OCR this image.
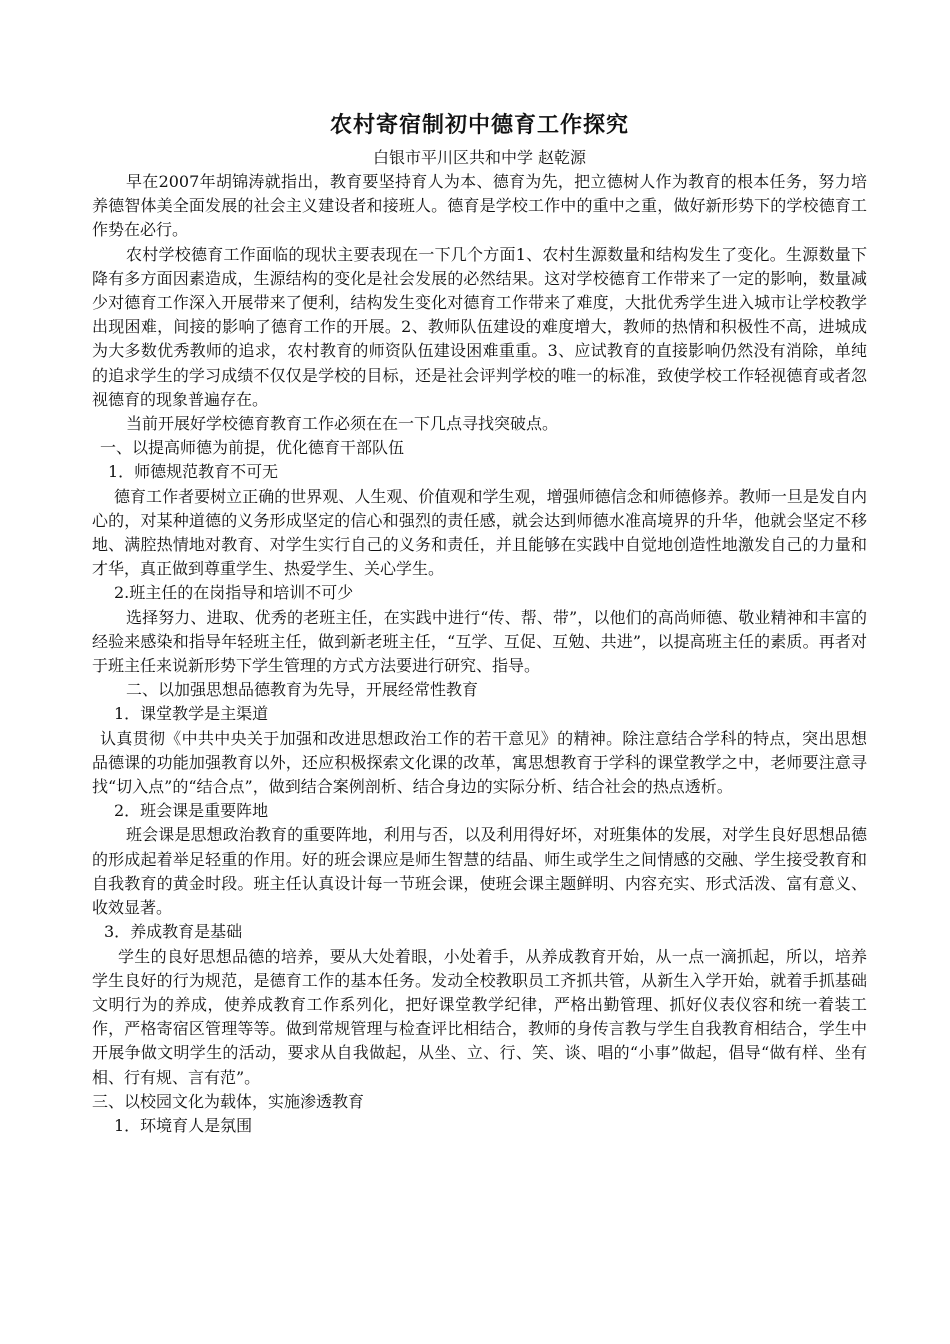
农村寄宿制初中德育工作探究

白银市平川区共和中学 赵乾源

早在2007年胡锦涛就指出，教育要坚持育人为本、德育为先，把立德树人作为教育的根本任务，努力培养德智体美全面发展的社会主义建设者和接班人。德育是学校工作中的重中之重，做好新形势下的学校德育工作势在必行。

农村学校德育工作面临的现状主要表现在一下几个方面1、农村生源数量和结构发生了变化。生源数量下降有多方面因素造成，生源结构的变化是社会发展的必然结果。这对学校德育工作带来了一定的影响，数量减少对德育工作深入开展带来了便利，结构发生变化对德育工作带来了难度，大批优秀学生进入城市让学校教学出现困难，间接的影响了德育工作的开展。2、教师队伍建设的难度增大，教师的热情和积极性不高，进城成为大多数优秀教师的追求，农村教育的师资队伍建设困难重重。3、应试教育的直接影响仍然没有消除，单纯的追求学生的学习成绩不仅仅是学校的目标，还是社会评判学校的唯一的标准，致使学校工作轻视德育或者忽视德育的现象普遍存在。

当前开展好学校德育教育工作必须在在一下几点寻找突破点。

一、以提高师德为前提，优化德育干部队伍

1．师德规范教育不可无

德育工作者要树立正确的世界观、人生观、价值观和学生观，增强师德信念和师德修养。教师一旦是发自内心的，对某种道德的义务形成坚定的信心和强烈的责任感，就会达到师德水准高境界的升华，他就会坚定不移地、满腔热情地对教育、对学生实行自己的义务和责任，并且能够在实践中自觉地创造性地激发自己的力量和才华，真正做到尊重学生、热爱学生、关心学生。

2.班主任的在岗指导和培训不可少

选择努力、进取、优秀的老班主任，在实践中进行“传、帮、带”，以他们的高尚师德、敬业精神和丰富的经验来感染和指导年轻班主任，做到新老班主任，“互学、互促、互勉、共进”，以提高班主任的素质。再者对于班主任来说新形势下学生管理的方式方法要进行研究、指导。

二、以加强思想品德教育为先导，开展经常性教育

1．课堂教学是主渠道

认真贯彻《中共中央关于加强和改进思想政治工作的若干意见》的精神。除注意结合学科的特点，突出思想品德课的功能加强教育以外，还应积极探索文化课的改革，寓思想教育于学科的课堂教学之中，老师要注意寻找“切入点”的“结合点”，做到结合案例剖析、结合身边的实际分析、结合社会的热点透析。

2．班会课是重要阵地

班会课是思想政治教育的重要阵地，利用与否，以及利用得好坏，对班集体的发展，对学生良好思想品德的形成起着举足轻重的作用。好的班会课应是师生智慧的结晶、师生或学生之间情感的交融、学生接受教育和自我教育的黄金时段。班主任认真设计每一节班会课，使班会课主题鲜明、内容充实、形式活泼、富有意义、收效显著。

3．养成教育是基础

学生的良好思想品德的培养，要从大处着眼，小处着手，从养成教育开始，从一点一滴抓起，所以，培养学生良好的行为规范，是德育工作的基本任务。发动全校教职员工齐抓共管，从新生入学开始，就着手抓基础文明行为的养成，使养成教育工作系列化，把好课堂教学纪律，严格出勤管理、抓好仪表仪容和统一着装工作，严格寄宿区管理等等。做到常规管理与检查评比相结合，教师的身传言教与学生自我教育相结合，学生中开展争做文明学生的活动，要求从自我做起，从坐、立、行、笑、谈、唱的“小事”做起，倡导“做有样、坐有相、行有规、言有范”。

三、以校园文化为载体，实施渗透教育

1．环境育人是氛围
